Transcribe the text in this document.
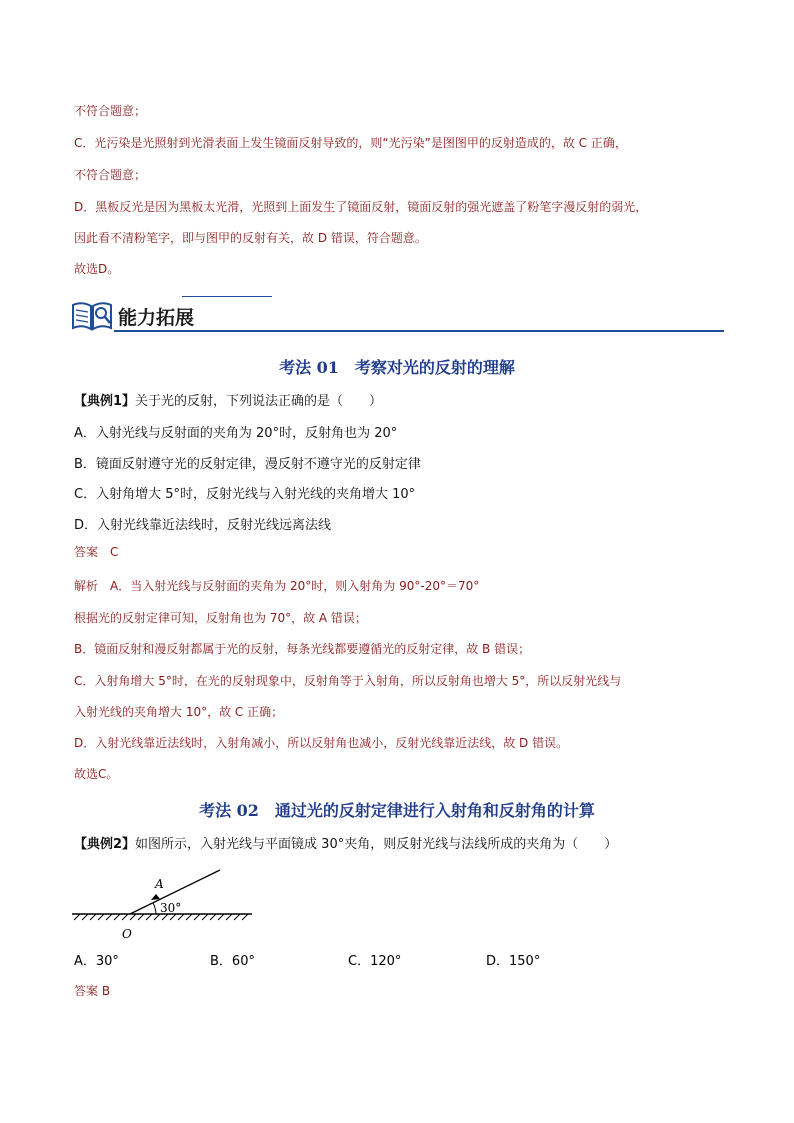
不符合题意；
C．光污染是光照射到光滑表面上发生镜面反射导致的，则“光污染”是图图甲的反射造成的，故 C 正确，
不符合题意；
D．黑板反光是因为黑板太光滑，光照到上面发生了镜面反射，镜面反射的强光遮盖了粉笔字漫反射的弱光，
因此看不清粉笔字，即与图甲的反射有关，故 D 错误，符合题意。
故选D。
能力拓展
考法 01　考察对光的反射的理解
【典例1】关于光的反射，下列说法正确的是（　　）
A．入射光线与反射面的夹角为 20°时，反射角也为 20°
B．镜面反射遵守光的反射定律，漫反射不遵守光的反射定律
C．入射角增大 5°时，反射光线与入射光线的夹角增大 10°
D．入射光线靠近法线时，反射光线远离法线
答案　C
解析　A．当入射光线与反射面的夹角为 20°时，则入射角为 90°-20°＝70°
根据光的反射定律可知，反射角也为 70°，故 A 错误；
B．镜面反射和漫反射都属于光的反射，每条光线都要遵循光的反射定律，故 B 错误；
C．入射角增大 5°时，在光的反射现象中，反射角等于入射角，所以反射角也增大 5°，所以反射光线与
入射光线的夹角增大 10°，故 C 正确；
D．入射光线靠近法线时，入射角减小，所以反射角也减小，反射光线靠近法线，故 D 错误。
故选C。
考法 02　通过光的反射定律进行入射角和反射角的计算
【典例2】如图所示，入射光线与平面镜成 30°夹角，则反射光线与法线所成的夹角为（　　）
30°
A
O
A．30°	B．60°	C．120°	D．150°
答案 B
